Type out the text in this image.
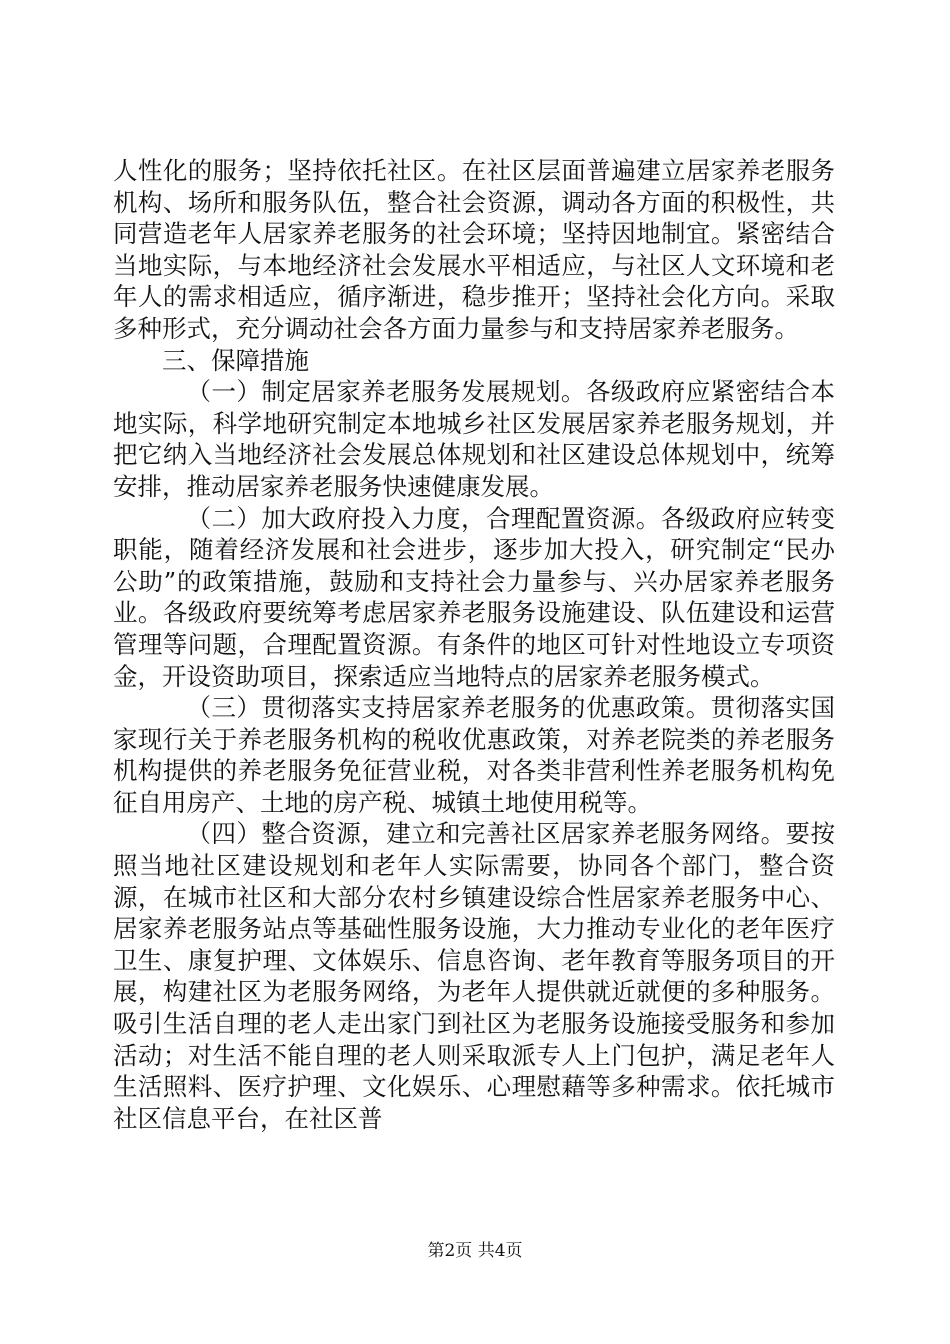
人性化的服务；坚持依托社区。在社区层面普遍建立居家养老服务机构、场所和服务队伍，整合社会资源，调动各方面的积极性，共同营造老年人居家养老服务的社会环境；坚持因地制宜。紧密结合当地实际，与本地经济社会发展水平相适应，与社区人文环境和老年人的需求相适应，循序渐进，稳步推开；坚持社会化方向。采取多种形式，充分调动社会各方面力量参与和支持居家养老服务。

三、保障措施

（一）制定居家养老服务发展规划。各级政府应紧密结合本地实际，科学地研究制定本地城乡社区发展居家养老服务规划，并把它纳入当地经济社会发展总体规划和社区建设总体规划中，统筹安排，推动居家养老服务快速健康发展。

（二）加大政府投入力度，合理配置资源。各级政府应转变职能，随着经济发展和社会进步，逐步加大投入，研究制定“民办公助”的政策措施，鼓励和支持社会力量参与、兴办居家养老服务业。各级政府要统筹考虑居家养老服务设施建设、队伍建设和运营管理等问题，合理配置资源。有条件的地区可针对性地设立专项资金，开设资助项目，探索适应当地特点的居家养老服务模式。

（三）贯彻落实支持居家养老服务的优惠政策。贯彻落实国家现行关于养老服务机构的税收优惠政策，对养老院类的养老服务机构提供的养老服务免征营业税，对各类非营利性养老服务机构免征自用房产、土地的房产税、城镇土地使用税等。

（四）整合资源，建立和完善社区居家养老服务网络。要按照当地社区建设规划和老年人实际需要，协同各个部门，整合资源，在城市社区和大部分农村乡镇建设综合性居家养老服务中心、居家养老服务站点等基础性服务设施，大力推动专业化的老年医疗卫生、康复护理、文体娱乐、信息咨询、老年教育等服务项目的开展，构建社区为老服务网络，为老年人提供就近就便的多种服务。吸引生活自理的老人走出家门到社区为老服务设施接受服务和参加活动；对生活不能自理的老人则采取派专人上门包护，满足老年人生活照料、医疗护理、文化娱乐、心理慰藉等多种需求。依托城市社区信息平台，在社区普

第2页 共4页
